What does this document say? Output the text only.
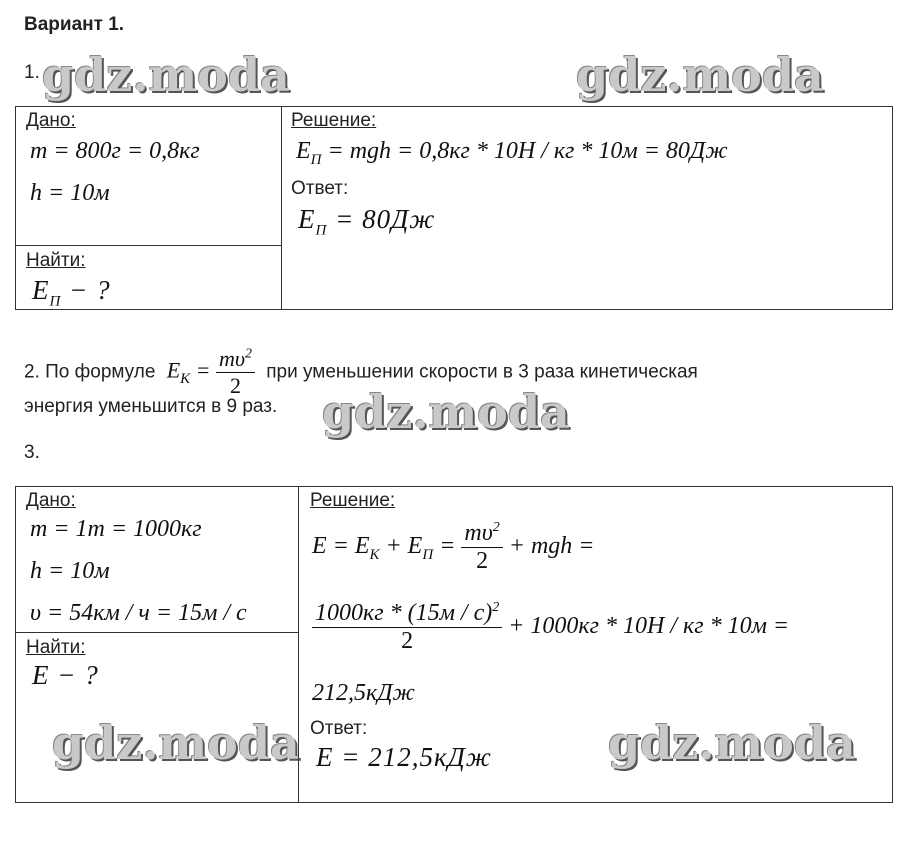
Вариант 1.
gdz.moda	gdz.moda
gdz.moda
gdz.moda	gdz.moda
1.
Дано:
m = 800г = 0,8кг
h = 10м
Найти:
$E_П$ − ?
Решение:
$E_П$ = mgh = 0,8кг * 10Н / кг * 10м = 80Дж
Ответ:
$E_П = 80Дж$
2. По формуле $E_К = \frac{m\upsilon^2}{2}$ при уменьшении скорости в 3 раза кинетическая
энергия уменьшится в 9 раз.
3.
Дано:
m = 1т = 1000кг
h = 10м
υ = 54км / ч = 15м / с
Найти:
E − ?
Решение:
$E = E_К + E_П = \frac{m\upsilon^2}{2}$ + mgh =
$\frac{1000кг * (15м / с)^2}{2} + 1000кг * 10Н$ / кг * 10м =
212,5кДж
Ответ:
E = 212,5кДж
